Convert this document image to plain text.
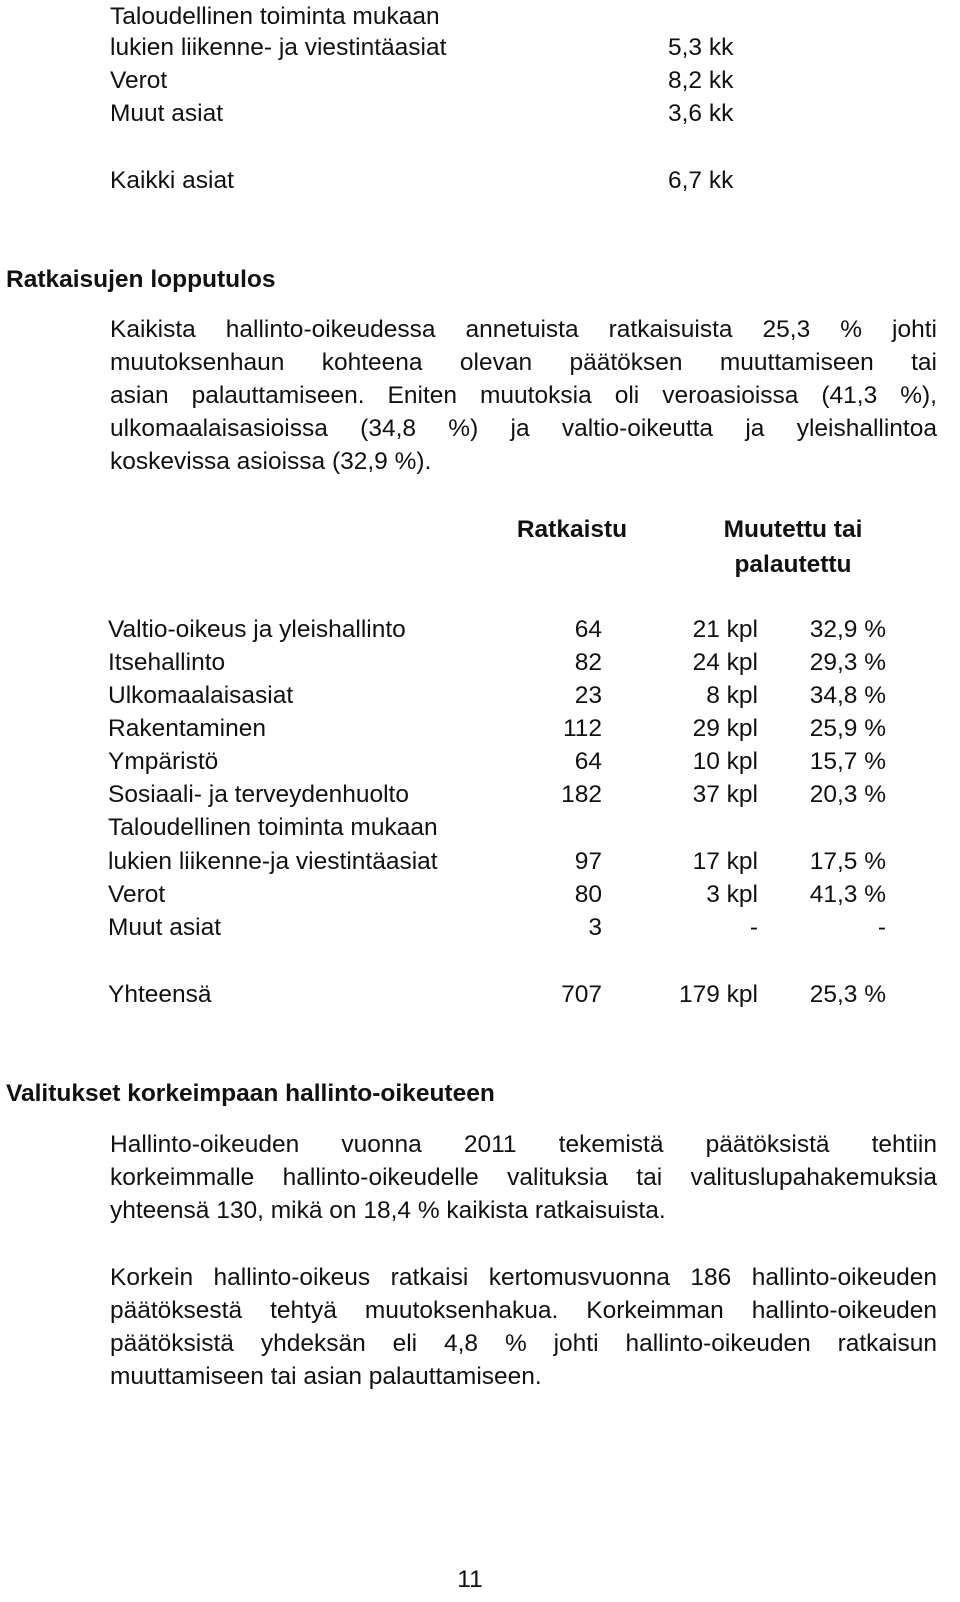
Taloudellinen toiminta mukaan
lukien liikenne- ja viestintäasiat	5,3 kk
Verot	8,2 kk
Muut asiat	3,6 kk
Kaikki asiat	6,7 kk
Ratkaisujen lopputulos
Kaikista hallinto-oikeudessa annetuista ratkaisuista 25,3 % johti
muutoksenhaun kohteena olevan päätöksen muuttamiseen tai
asian palauttamiseen. Eniten muutoksia oli veroasioissa (41,3 %),
ulkomaalaisasioissa (34,8 %) ja valtio-oikeutta ja yleishallintoa
koskevissa asioissa (32,9 %).
Ratkaistu	Muutettu tai
palautettu
Valtio-oikeus ja yleishallinto	64	21 kpl	32,9 %
Itsehallinto	82	24 kpl	29,3 %
Ulkomaalaisasiat	23	8 kpl	34,8 %
Rakentaminen	112	29 kpl	25,9 %
Ympäristö	64	10 kpl	15,7 %
Sosiaali- ja terveydenhuolto	182	37 kpl	20,3 %
Taloudellinen toiminta mukaan
lukien liikenne-ja viestintäasiat	97	17 kpl	17,5 %
Verot	80	3 kpl	41,3 %
Muut asiat	3	-	-
Yhteensä	707	179 kpl	25,3 %
Valitukset korkeimpaan hallinto-oikeuteen
Hallinto-oikeuden vuonna 2011 tekemistä päätöksistä tehtiin
korkeimmalle hallinto-oikeudelle valituksia tai valituslupahakemuksia
yhteensä 130, mikä on 18,4 % kaikista ratkaisuista.
Korkein hallinto-oikeus ratkaisi kertomusvuonna 186 hallinto-oikeuden
päätöksestä tehtyä muutoksenhakua. Korkeimman hallinto-oikeuden
päätöksistä yhdeksän eli 4,8 % johti hallinto-oikeuden ratkaisun
muuttamiseen tai asian palauttamiseen.
11
